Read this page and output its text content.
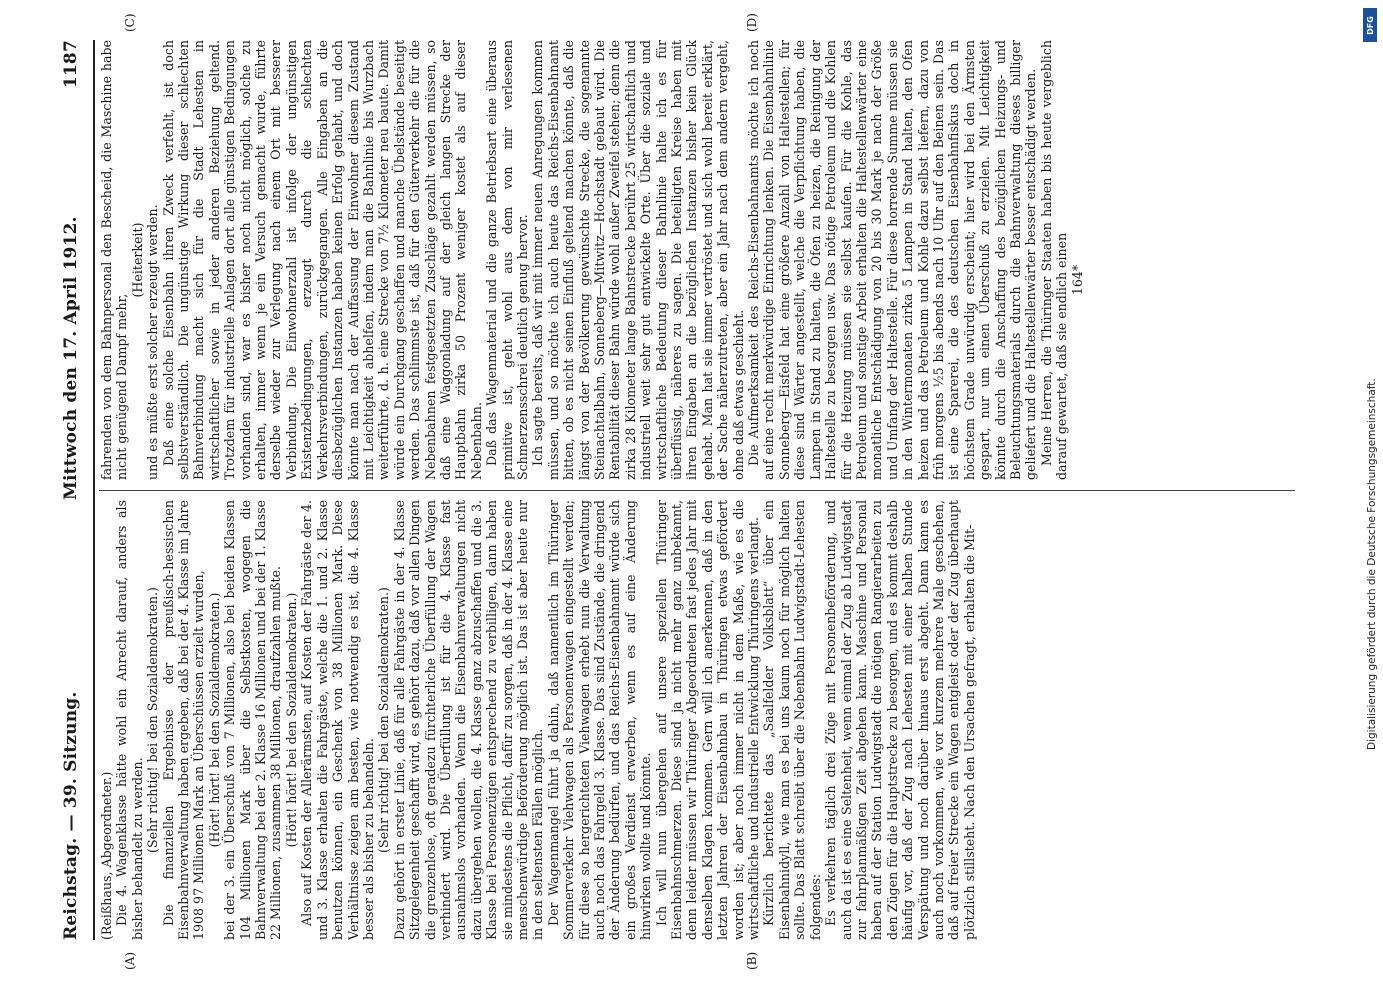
Reichstag. — 39. Sitzung.
Mittwoch den 17. April 1912.
1187
(A)	(B)
(C)	(D)

(Reißhaus, Abgeordneter.) Die 4. Wagenklasse hätte wohl ein Anrecht darauf, anders als bisher behandelt zu werden. (Sehr richtig! bei den Sozialdemokraten.) Die finanziellen Ergebnisse der preußisch-hessischen Eisenbahnverwaltung haben ergeben, daß bei der 4. Klasse im Jahre 1908 97 Millionen Mark an Überschüssen erzielt wurden, (Hört! hört! bei den Sozialdemokraten.) bei der 3. ein Überschuß von 7 Millionen, also bei beiden Klassen 104 Millionen Mark über die Selbstkosten, wogegen die Bahnverwaltung bei der 2. Klasse 16 Millionen und bei der 1. Klasse 22 Millionen, zusammen 38 Millionen, draufzahlen mußte. (Hört! hört! bei den Sozialdemokraten.) Also auf Kosten der Allerärmsten, auf Kosten der Fahrgäste der 4. und 3. Klasse erhalten die Fahrgäste, welche die 1. und 2. Klasse benutzen können, ein Geschenk von 38 Millionen Mark. Diese Verhältnisse zeigen am besten, wie notwendig es ist, die 4. Klasse besser als bisher zu behandeln. (Sehr richtig! bei den Sozialdemokraten.) Dazu gehört in erster Linie, daß für alle Fahrgäste in der 4. Klasse Sitzgelegenheit geschafft wird, es gehört dazu, daß vor allen Dingen die grenzenlose, oft geradezu fürchterliche Überfüllung der Wagen verhindert wird. Die Überfüllung ist für die 4. Klasse fast ausnahmslos vorhanden. Wenn die Eisenbahnverwaltungen nicht dazu übergehen wollen, die 4. Klasse ganz abzuschaffen und die 3. Klasse bei Personenzügen entsprechend zu verbilligen, dann haben sie mindestens die Pflicht, dafür zu sorgen, daß in der 4. Klasse eine menschenwürdige Beförderung möglich ist. Das ist aber heute nur in den seltensten Fällen möglich. Der Wagenmangel führt ja dahin, daß namentlich im Thüringer Sommerverkehr Viehwagen als Personenwagen eingestellt werden; für diese so hergerichteten Viehwagen erhebt nun die Verwaltung auch noch das Fahrgeld 3. Klasse. Das sind Zustände, die dringend der Änderung bedürfen, und das Reichs-Eisenbahnamt würde sich ein großes Verdienst erwerben, wenn es auf eine Änderung hinwirken wollte und könnte. Ich will nun übergehen auf unsere speziellen Thüringer Eisenbahnschmerzen. Diese sind ja nicht mehr ganz unbekannt, denn leider müssen wir Thüringer Abgeordneten fast jedes Jahr mit denselben Klagen kommen. Gern will ich anerkennen, daß in den letzten Jahren der Eisenbahnbau in Thüringen etwas gefördert worden ist; aber noch immer nicht in dem Maße, wie es die wirtschaftliche und industrielle Entwicklung Thüringens verlangt. Kürzlich berichtete das „Saalfelder Volksblatt“ über ein Eisenbahnidyll, wie man es bei uns kaum noch für möglich halten sollte. Das Blatt schreibt über die Nebenbahn Ludwigstadt-Lehesten folgendes: Es verkehren täglich drei Züge mit Personenbeförderung, und auch da ist es eine Seltenheit, wenn einmal der Zug ab Ludwigstadt zur fahrplanmäßigen Zeit abgehen kann. Maschine und Personal haben auf der Station Ludwigstadt die nötigen Rangierarbeiten zu den Zügen für die Hauptstrecke zu besorgen, und es kommt deshalb häufig vor, daß der Zug nach Lehesten mit einer halben Stunde Verspätung und noch darüber hinaus erst abgeht. Dann kann es auch noch vorkommen, wie vor kurzem mehrere Male geschehen, daß auf freier Strecke ein Wagen entgleist oder der Zug überhaupt plötzlich stillsteht. Nach den Ursachen gefragt, erhalten die Mit-

fahrenden von dem Bahnpersonal den Bescheid, die Maschine habe nicht genügend Dampf mehr,

(Heiterkeit) und es müßte erst solcher erzeugt werden. Daß eine solche Eisenbahn ihren Zweck verfehlt, ist doch selbstverständlich. Die ungünstige Wirkung dieser schlechten Bahnverbindung macht sich für die Stadt Lehesten in wirtschaftlicher sowie in jeder anderen Beziehung geltend. Trotzdem für industrielle Anlagen dort alle günstigen Bedingungen vorhanden sind, war es bisher noch nicht möglich, solche zu erhalten, immer wenn je ein Versuch gemacht wurde, führte derselbe wieder zur Verlegung nach einem Ort mit besserer Verbindung. Die Einwohnerzahl ist infolge der ungünstigen Existenzbedingungen, erzeugt durch die schlechten Verkehrsverbindungen, zurückgegangen. Alle Eingaben an die diesbezüglichen Instanzen haben keinen Erfolg gehabt, und doch könnte man nach der Auffassung der Einwohner diesem Zustand mit Leichtigkeit abhelfen, indem man die Bahnlinie bis Wurzbach weiterführte, d. h. eine Strecke von 7½ Kilometer neu baute. Damit würde ein Durchgang geschaffen und manche Übelstände beseitigt werden. Das schlimmste ist, daß für den Güterverkehr die für die Nebenbahnen festgesetzten Zuschläge gezahlt werden müssen, so daß eine Waggonladung auf der gleich langen Strecke der Hauptbahn zirka 50 Prozent weniger kostet als auf dieser Nebenbahn. Daß das Wagenmaterial und die ganze Betriebsart eine überaus primitive ist, geht wohl aus dem von mir verlesenen Schmerzensschrei deutlich genug hervor. Ich sagte bereits, daß wir mit immer neuen Anregungen kommen müssen, und so möchte ich auch heute das Reichs-Eisenbahnamt bitten, ob es nicht seinen Einfluß geltend machen könnte, daß die längst von der Bevölkerung gewünschte Strecke, die sogenannte Steinachtalbahn, Sonneberg—Mitwitz—Hochstadt gebaut wird. Die Rentabilität dieser Bahn würde wohl außer Zweifel stehen; denn die zirka 28 Kilometer lange Bahnstrecke berührt 25 wirtschaftlich und industriell weit sehr gut entwickelte Orte. Über die soziale und wirtschaftliche Bedeutung dieser Bahnlinie halte ich es für überflüssig, näheres zu sagen. Die beteiligten Kreise haben mit ihren Eingaben an die bezüglichen Instanzen bisher kein Glück gehabt. Man hat sie immer vertröstet und sich wohl bereit erklärt, der Sache näherzutreten, aber ein Jahr nach dem andern vergeht, ohne daß etwas geschieht. Die Aufmerksamkeit des Reichs-Eisenbahnamts möchte ich noch auf eine recht merkwürdige Einrichtung lenken. Die Eisenbahnlinie Sonneberg—Eisfeld hat eine größere Anzahl von Haltestellen; für diese sind Wärter angestellt, welche die Verpflichtung haben, die Lampen in Stand zu halten, die Öfen zu heizen, die Reinigung der Haltestelle zu besorgen usw. Das nötige Petroleum und die Kohlen für die Heizung müssen sie selbst kaufen. Für die Kohle, das Petroleum und sonstige Arbeit erhalten die Haltestellenwärter eine monatliche Entschädigung von 20 bis 30 Mark je nach der Größe und Umfang der Haltestelle. Für diese horrende Summe müssen sie in den Wintermonaten zirka 5 Lampen in Stand halten, den Ofen heizen und das Petroleum und Kohle dazu selbst liefern, dazu von früh morgens ½5 bis abends nach 10 Uhr auf den Beinen sein. Das ist eine Sparerei, die des deutschen Eisenbahnfiskus doch in höchstem Grade unwürdig erscheint; hier wird bei den Ärmsten gespart, nur um einen Überschuß zu erzielen. Mit Leichtigkeit könnte durch die Anschaffung des bezüglichen Heizungs- und Beleuchtungsmaterials durch die Bahnverwaltung dieses billiger geliefert und die Haltestellenwärter besser entschädigt werden. Meine Herren, die Thüringer Staaten haben bis heute vergeblich darauf gewartet, daß sie endlich einen 164*

DFG
Digitalisierung gefördert durch die Deutsche Forschungsgemeinschaft.
